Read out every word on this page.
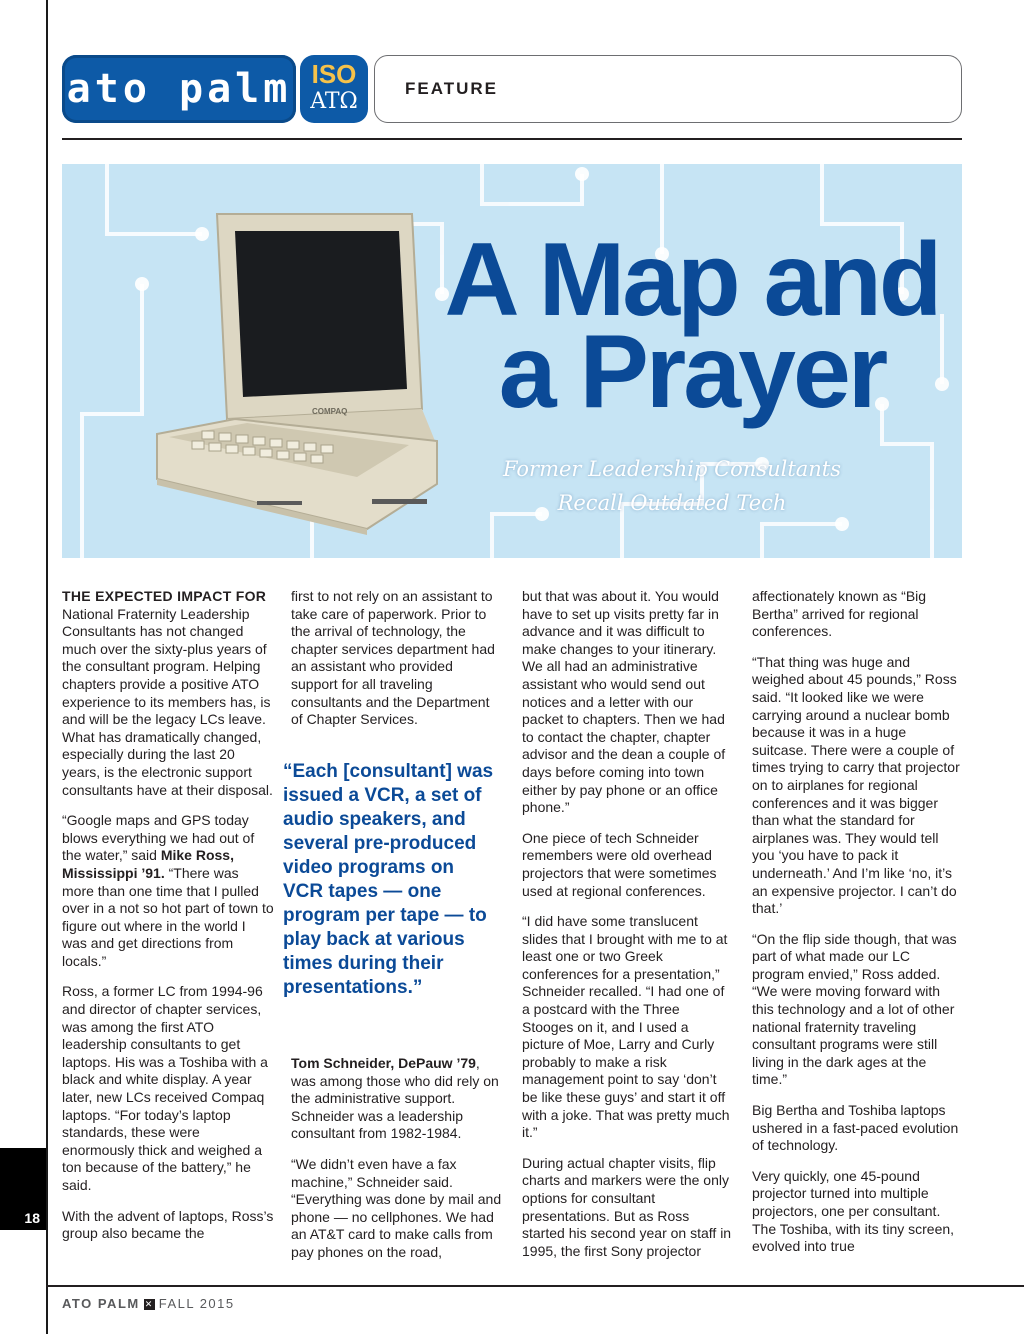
ato palm ISO
ATΩ
FEATURE
COMPAQ
A Map and
a Prayer
Former Leadership Consultants
Recall Outdated Tech

THE EXPECTED IMPACT FOR National Fraternity Leadership Consultants has not changed much over the sixty-plus years of the consultant program. Helping chapters provide a positive ATO experience to its members has, is and will be the legacy LCs leave. What has dramatically changed, especially during the last 20 years, is the electronic support consultants have at their disposal.

“Google maps and GPS today blows everything we had out of the water,” said Mike Ross, Mississippi ’91. “There was more than one time that I pulled over in a not so hot part of town to figure out where in the world I was and get directions from locals.”

Ross, a former LC from 1994-96 and director of chapter services, was among the first ATO leadership consultants to get laptops. His was a Toshiba with a black and white display. A year later, new LCs received Compaq laptops. “For today’s laptop standards, these were enormously thick and weighed a ton because of the battery,” he said.

With the advent of laptops, Ross’s group also became the

first to not rely on an assistant to take care of paperwork. Prior to the arrival of technology, the chapter services department had an assistant who provided support for all traveling consultants and the Department of Chapter Services.

“Each [consultant] was issued a VCR, a set of audio speakers, and several pre-produced video programs on VCR tapes — one program per tape — to play back at various times during their presentations.”

Tom Schneider, DePauw ’79, was among those who did rely on the administrative support. Schneider was a leadership consultant from 1982-1984.

“We didn’t even have a fax machine,” Schneider said. “Everything was done by mail and phone — no cellphones. We had an AT&T card to make calls from pay phones on the road,

but that was about it. You would have to set up visits pretty far in advance and it was difficult to make changes to your itinerary. We all had an administrative assistant who would send out notices and a letter with our packet to chapters. Then we had to contact the chapter, chapter advisor and the dean a couple of days before coming into town either by pay phone or an office phone.”

One piece of tech Schneider remembers were old overhead projectors that were sometimes used at regional conferences.

“I did have some translucent slides that I brought with me to at least one or two Greek conferences for a presentation,” Schneider recalled. “I had one of a postcard with the Three Stooges on it, and I used a picture of Moe, Larry and Curly probably to make a risk management point to say ‘don’t be like these guys’ and start it off with a joke. That was pretty much it.”

During actual chapter visits, flip charts and markers were the only options for consultant presentations. But as Ross started his second year on staff in 1995, the first Sony projector

affectionately known as “Big Bertha” arrived for regional conferences.

“That thing was huge and weighed about 45 pounds,” Ross said. “It looked like we were carrying around a nuclear bomb because it was in a huge suitcase. There were a couple of times trying to carry that projector on to airplanes for regional conferences and it was bigger than what the standard for airplanes was. They would tell you ‘you have to pack it underneath.’ And I’m like ‘no, it’s an expensive projector. I can’t do that.’

“On the flip side though, that was part of what made our LC program envied,” Ross added. “We were moving forward with this technology and a lot of other national fraternity traveling consultant programs were still living in the dark ages at the time.”

Big Bertha and Toshiba laptops ushered in a fast-paced evolution of technology.

Very quickly, one 45-pound projector turned into multiple projectors, one per consultant. The Toshiba, with its tiny screen, evolved into true

18
ATO PALM ✕ FALL 2015
